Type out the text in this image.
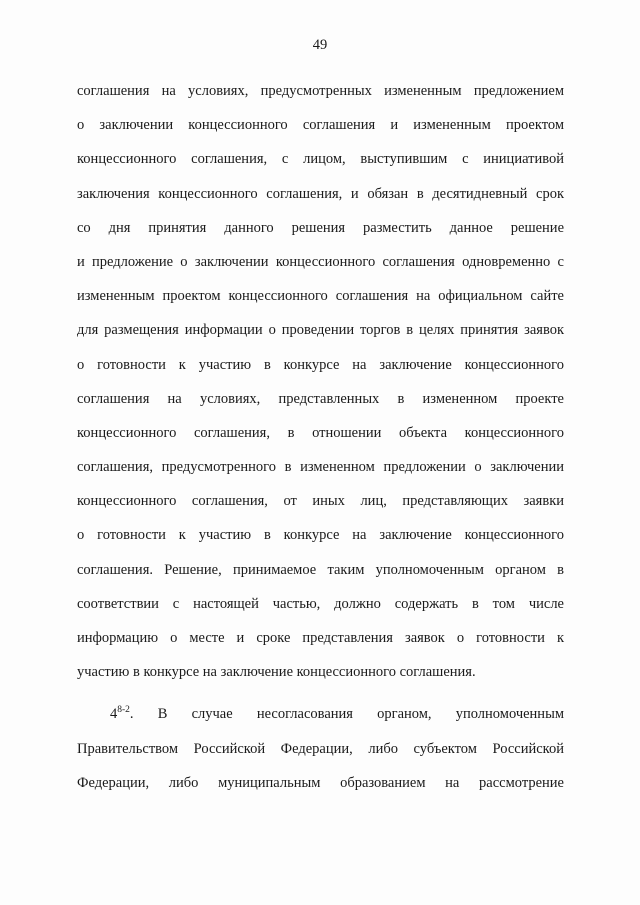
49
соглашения на условиях, предусмотренных измененным предложением
о заключении концессионного соглашения и измененным проектом
концессионного соглашения, с лицом, выступившим с инициативой
заключения концессионного соглашения, и обязан в десятидневный срок
со дня принятия данного решения разместить данное решение
и предложение о заключении концессионного соглашения одновременно с
измененным проектом концессионного соглашения на официальном сайте
для размещения информации о проведении торгов в целях принятия заявок
о готовности к участию в конкурсе на заключение концессионного
соглашения на условиях, представленных в измененном проекте
концессионного соглашения, в отношении объекта концессионного
соглашения, предусмотренного в измененном предложении о заключении
концессионного соглашения, от иных лиц, представляющих заявки
о готовности к участию в конкурсе на заключение концессионного
соглашения. Решение, принимаемое таким уполномоченным органом в
соответствии с настоящей частью, должно содержать в том числе
информацию о месте и сроке представления заявок о готовности к
участию в конкурсе на заключение концессионного соглашения.
4$^{8-2}$. В случае несогласования органом, уполномоченным
Правительством Российской Федерации, либо субъектом Российской
Федерации, либо муниципальным образованием на рассмотрение
